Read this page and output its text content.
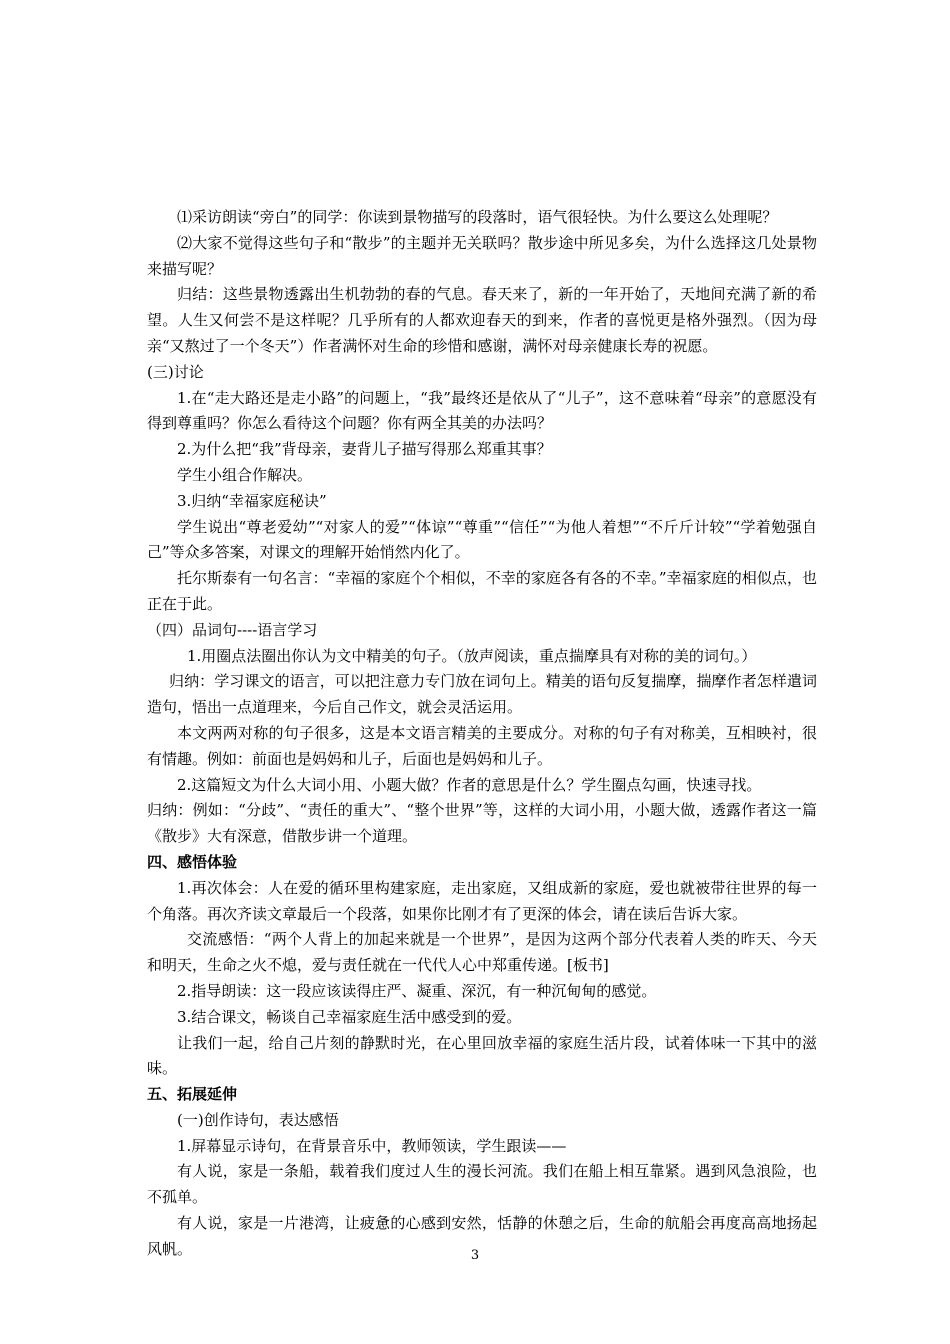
⑴采访朗读“旁白”的同学：你读到景物描写的段落时，语气很轻快。为什么要这么处理呢？

⑵大家不觉得这些句子和“散步”的主题并无关联吗？散步途中所见多矣，为什么选择这几处景物来描写呢？

归结：这些景物透露出生机勃勃的春的气息。春天来了，新的一年开始了，天地间充满了新的希望。人生又何尝不是这样呢？几乎所有的人都欢迎春天的到来，作者的喜悦更是格外强烈。（因为母亲“又熬过了一个冬天”）作者满怀对生命的珍惜和感谢，满怀对母亲健康长寿的祝愿。

(三)讨论

1.在“走大路还是走小路”的问题上，“我”最终还是依从了“儿子”，这不意味着“母亲”的意愿没有得到尊重吗？你怎么看待这个问题？你有两全其美的办法吗？

2.为什么把“我”背母亲，妻背儿子描写得那么郑重其事？

学生小组合作解决。

3.归纳“幸福家庭秘诀”

学生说出“尊老爱幼”“对家人的爱”“体谅”“尊重”“信任”“为他人着想”“不斤斤计较”“学着勉强自己”等众多答案，对课文的理解开始悄然内化了。

托尔斯泰有一句名言：“幸福的家庭个个相似，不幸的家庭各有各的不幸。”幸福家庭的相似点，也正在于此。

（四）品词句----语言学习

1.用圈点法圈出你认为文中精美的句子。（放声阅读，重点揣摩具有对称的美的词句。）

归纳：学习课文的语言，可以把注意力专门放在词句上。精美的语句反复揣摩，揣摩作者怎样遣词造句，悟出一点道理来，今后自己作文，就会灵活运用。

本文两两对称的句子很多，这是本文语言精美的主要成分。对称的句子有对称美，互相映衬，很有情趣。例如：前面也是妈妈和儿子，后面也是妈妈和儿子。

2.这篇短文为什么大词小用、小题大做？作者的意思是什么？学生圈点勾画，快速寻找。

归纳：例如：“分歧”、“责任的重大”、“整个世界”等，这样的大词小用，小题大做，透露作者这一篇《散步》大有深意，借散步讲一个道理。

四、感悟体验

1.再次体会：人在爱的循环里构建家庭，走出家庭，又组成新的家庭，爱也就被带往世界的每一个角落。再次齐读文章最后一个段落，如果你比刚才有了更深的体会，请在读后告诉大家。

交流感悟：“两个人背上的加起来就是一个世界”，是因为这两个部分代表着人类的昨天、今天和明天，生命之火不熄，爱与责任就在一代代人心中郑重传递。[板书]

2.指导朗读：这一段应该读得庄严、凝重、深沉，有一种沉甸甸的感觉。

3.结合课文，畅谈自己幸福家庭生活中感受到的爱。

让我们一起，给自己片刻的静默时光，在心里回放幸福的家庭生活片段，试着体味一下其中的滋味。

五、拓展延伸

(一)创作诗句，表达感悟

1.屏幕显示诗句，在背景音乐中，教师领读，学生跟读——

有人说，家是一条船，载着我们度过人生的漫长河流。我们在船上相互靠紧。遇到风急浪险，也不孤单。

有人说，家是一片港湾，让疲惫的心感到安然，恬静的休憩之后，生命的航船会再度高高地扬起风帆。	3
